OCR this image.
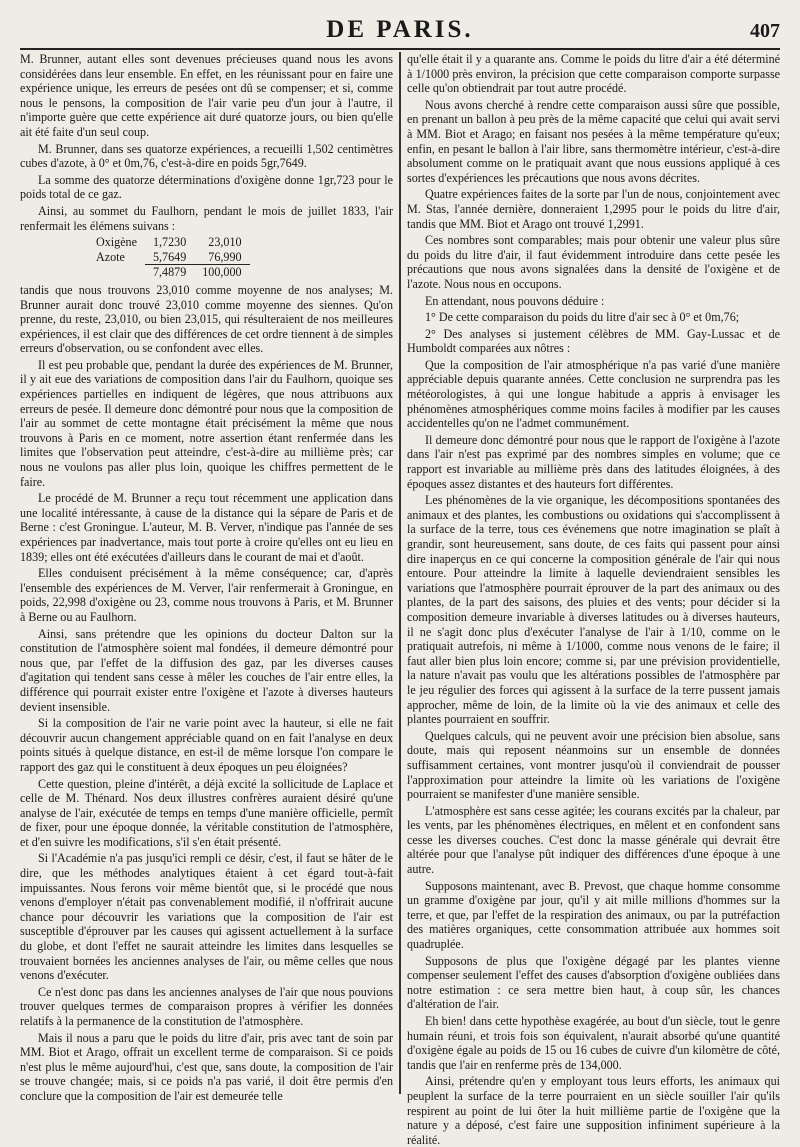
DE PARIS.	407

M. Brunner, autant elles sont devenues précieuses quand nous les avons considérées dans leur ensemble. En effet, en les réunissant pour en faire une expérience unique, les erreurs de pesées ont dû se compenser; et si, comme nous le pensons, la composition de l'air varie peu d'un jour à l'autre, il n'importe guère que cette expérience ait duré quatorze jours, ou bien qu'elle ait été faite d'un seul coup.

M. Brunner, dans ses quatorze expériences, a recueilli 1,502 centimètres cubes d'azote, à 0° et 0m,76, c'est-à-dire en poids 5gr,7649.

La somme des quatorze déterminations d'oxigène donne 1gr,723 pour le poids total de ce gaz.

Ainsi, au sommet du Faulhorn, pendant le mois de juillet 1833, l'air renfermait les élémens suivans :

Oxigène	1,7230	23,010
Azote	5,7649	76,990
	7,4879	100,000

tandis que nous trouvons 23,010 comme moyenne de nos analyses; M. Brunner aurait donc trouvé 23,010 comme moyenne des siennes. Qu'on prenne, du reste, 23,010, ou bien 23,015, qui résulteraient de nos meilleures expériences, il est clair que des différences de cet ordre tiennent à de simples erreurs d'observation, ou se confondent avec elles.

Il est peu probable que, pendant la durée des expériences de M. Brunner, il y ait eue des variations de composition dans l'air du Faulhorn, quoique ses expériences partielles en indiquent de légères, que nous attribuons aux erreurs de pesée. Il demeure donc démontré pour nous que la composition de l'air au sommet de cette montagne était précisément la même que nous trouvons à Paris en ce moment, notre assertion étant renfermée dans les limites que l'observation peut atteindre, c'est-à-dire au millième près; car nous ne voulons pas aller plus loin, quoique les chiffres permettent de le faire.

Le procédé de M. Brunner a reçu tout récemment une application dans une localité intéressante, à cause de la distance qui la sépare de Paris et de Berne : c'est Groningue. L'auteur, M. B. Verver, n'indique pas l'année de ses expériences par inadvertance, mais tout porte à croire qu'elles ont eu lieu en 1839; elles ont été exécutées d'ailleurs dans le courant de mai et d'août.

Elles conduisent précisément à la même conséquence; car, d'après l'ensemble des expériences de M. Verver, l'air renfermerait à Groningue, en poids, 22,998 d'oxigène ou 23, comme nous trouvons à Paris, et M. Brunner à Berne ou au Faulhorn.

Ainsi, sans prétendre que les opinions du docteur Dalton sur la constitution de l'atmosphère soient mal fondées, il demeure démontré pour nous que, par l'effet de la diffusion des gaz, par les diverses causes d'agitation qui tendent sans cesse à mêler les couches de l'air entre elles, la différence qui pourrait exister entre l'oxigène et l'azote à diverses hauteurs devient insensible.

Si la composition de l'air ne varie point avec la hauteur, si elle ne fait découvrir aucun changement appréciable quand on en fait l'analyse en deux points situés à quelque distance, en est-il de même lorsque l'on compare le rapport des gaz qui le constituent à deux époques un peu éloignées?

Cette question, pleine d'intérêt, a déjà excité la sollicitude de Laplace et celle de M. Thénard. Nos deux illustres confrères auraient désiré qu'une analyse de l'air, exécutée de temps en temps d'une manière officielle, permît de fixer, pour une époque donnée, la véritable constitution de l'atmosphère, et d'en suivre les modifications, s'il s'en était présenté.

Si l'Académie n'a pas jusqu'ici rempli ce désir, c'est, il faut se hâter de le dire, que les méthodes analytiques étaient à cet égard tout-à-fait impuissantes. Nous ferons voir même bientôt que, si le procédé que nous venons d'employer n'était pas convenablement modifié, il n'offrirait aucune chance pour découvrir les variations que la composition de l'air est susceptible d'éprouver par les causes qui agissent actuellement à la surface du globe, et dont l'effet ne saurait atteindre les limites dans lesquelles se trouvaient bornées les anciennes analyses de l'air, ou même celles que nous venons d'exécuter.

Ce n'est donc pas dans les anciennes analyses de l'air que nous pouvions trouver quelques termes de comparaison propres à vérifier les données relatifs à la permanence de la constitution de l'atmosphère.

Mais il nous a paru que le poids du litre d'air, pris avec tant de soin par MM. Biot et Arago, offrait un excellent terme de comparaison. Si ce poids n'est plus le même aujourd'hui, c'est que, sans doute, la composition de l'air se trouve changée; mais, si ce poids n'a pas varié, il doit être permis d'en conclure que la composition de l'air est demeurée telle

qu'elle était il y a quarante ans. Comme le poids du litre d'air a été déterminé à 1/1000 près environ, la précision que cette comparaison comporte surpasse celle qu'on obtiendrait par tout autre procédé.

Nous avons cherché à rendre cette comparaison aussi sûre que possible, en prenant un ballon à peu près de la même capacité que celui qui avait servi à MM. Biot et Arago; en faisant nos pesées à la même température qu'eux; enfin, en pesant le ballon à l'air libre, sans thermomètre intérieur, c'est-à-dire absolument comme on le pratiquait avant que nous eussions appliqué à ces sortes d'expériences les précautions que nous avons décrites.

Quatre expériences faites de la sorte par l'un de nous, conjointement avec M. Stas, l'année dernière, donneraient 1,2995 pour le poids du litre d'air, tandis que MM. Biot et Arago ont trouvé 1,2991.

Ces nombres sont comparables; mais pour obtenir une valeur plus sûre du poids du litre d'air, il faut évidemment introduire dans cette pesée les précautions que nous avons signalées dans la densité de l'oxigène et de l'azote. Nous nous en occupons.

En attendant, nous pouvons déduire :

1° De cette comparaison du poids du litre d'air sec à 0° et 0m,76;

2° Des analyses si justement célèbres de MM. Gay-Lussac et de Humboldt comparées aux nôtres :

Que la composition de l'air atmosphérique n'a pas varié d'une manière appréciable depuis quarante années. Cette conclusion ne surprendra pas les météorologistes, à qui une longue habitude a appris à envisager les phénomènes atmosphériques comme moins faciles à modifier par les causes accidentelles qu'on ne l'admet communément.

Il demeure donc démontré pour nous que le rapport de l'oxigène à l'azote dans l'air n'est pas exprimé par des nombres simples en volume; que ce rapport est invariable au millième près dans des latitudes éloignées, à des époques assez distantes et des hauteurs fort différentes.

Les phénomènes de la vie organique, les décompositions spontanées des animaux et des plantes, les combustions ou oxidations qui s'accomplissent à la surface de la terre, tous ces événemens que notre imagination se plaît à grandir, sont heureusement, sans doute, de ces faits qui passent pour ainsi dire inaperçus en ce qui concerne la composition générale de l'air qui nous entoure. Pour atteindre la limite à laquelle deviendraient sensibles les variations que l'atmosphère pourrait éprouver de la part des animaux ou des plantes, de la part des saisons, des pluies et des vents; pour décider si la composition demeure invariable à diverses latitudes ou à diverses hauteurs, il ne s'agit donc plus d'exécuter l'analyse de l'air à 1/10, comme on le pratiquait autrefois, ni même à 1/1000, comme nous venons de le faire; il faut aller bien plus loin encore; comme si, par une prévision providentielle, la nature n'avait pas voulu que les altérations possibles de l'atmosphère par le jeu régulier des forces qui agissent à la surface de la terre pussent jamais approcher, même de loin, de la limite où la vie des animaux et celle des plantes pourraient en souffrir.

Quelques calculs, qui ne peuvent avoir une précision bien absolue, sans doute, mais qui reposent néanmoins sur un ensemble de données suffisamment certaines, vont montrer jusqu'où il conviendrait de pousser l'approximation pour atteindre la limite où les variations de l'oxigène pourraient se manifester d'une manière sensible.

L'atmosphère est sans cesse agitée; les courans excités par la chaleur, par les vents, par les phénomènes électriques, en mêlent et en confondent sans cesse les diverses couches. C'est donc la masse générale qui devrait être altérée pour que l'analyse pût indiquer des différences d'une époque à une autre.

Supposons maintenant, avec B. Prevost, que chaque homme consomme un gramme d'oxigène par jour, qu'il y ait mille millions d'hommes sur la terre, et que, par l'effet de la respiration des animaux, ou par la putréfaction des matières organiques, cette consommation attribuée aux hommes soit quadruplée.

Supposons de plus que l'oxigène dégagé par les plantes vienne compenser seulement l'effet des causes d'absorption d'oxigène oubliées dans notre estimation : ce sera mettre bien haut, à coup sûr, les chances d'altération de l'air.

Eh bien! dans cette hypothèse exagérée, au bout d'un siècle, tout le genre humain réuni, et trois fois son équivalent, n'aurait absorbé qu'une quantité d'oxigène égale au poids de 15 ou 16 cubes de cuivre d'un kilomètre de côté, tandis que l'air en renferme près de 134,000.

Ainsi, prétendre qu'en y employant tous leurs efforts, les animaux qui peuplent la surface de la terre pourraient en un siècle souiller l'air qu'ils respirent au point de lui ôter la huit millième partie de l'oxigène que la nature y a déposé, c'est faire une supposition infiniment supérieure à la réalité.
